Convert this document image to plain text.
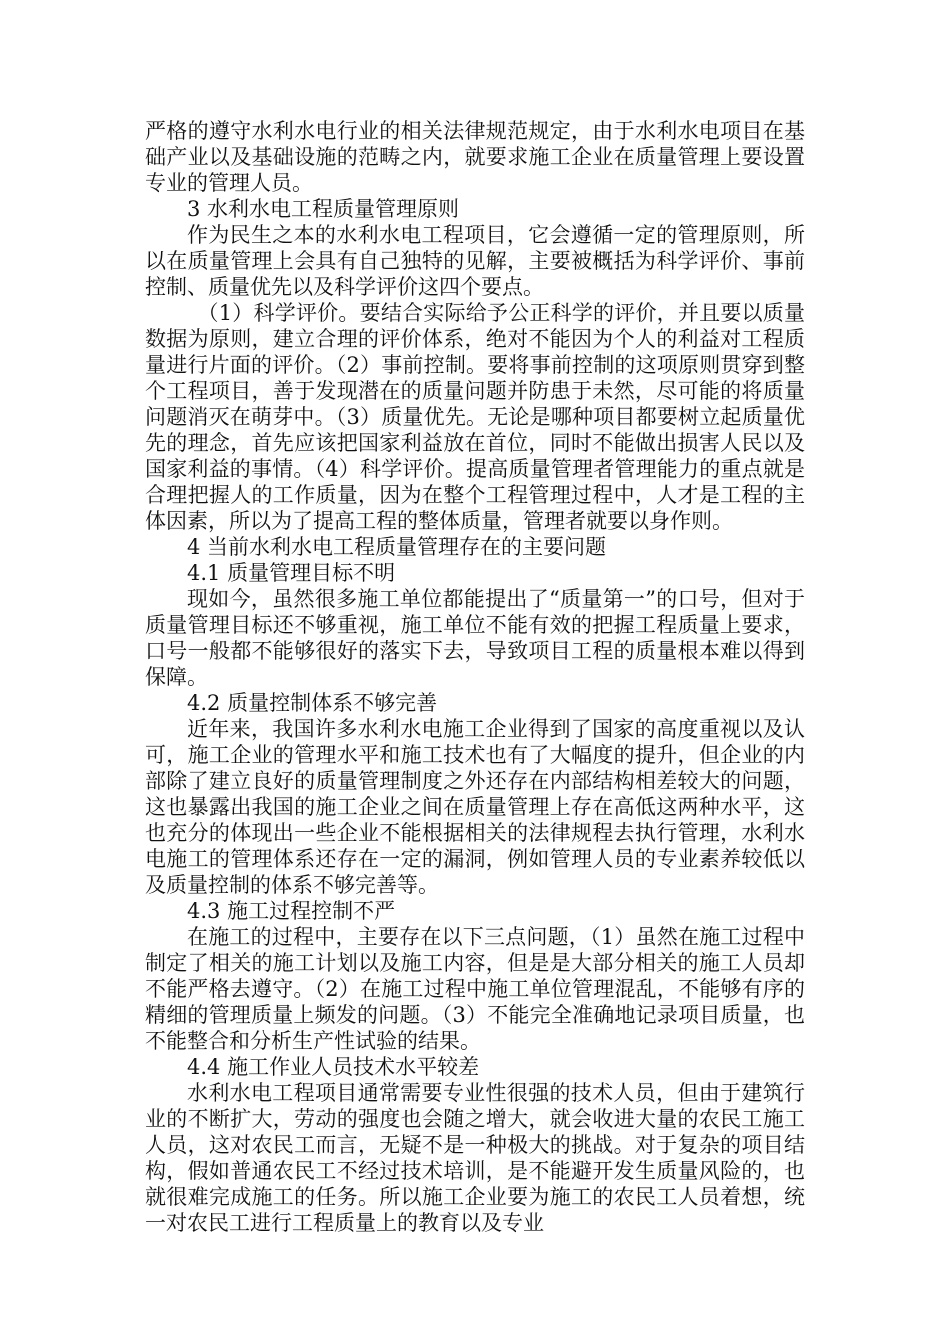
严格的遵守水利水电行业的相关法律规范规定，由于水利水电项目在基础产业以及基础设施的范畴之内，就要求施工企业在质量管理上要设置专业的管理人员。

3 水利水电工程质量管理原则

作为民生之本的水利水电工程项目，它会遵循一定的管理原则，所以在质量管理上会具有自己独特的见解，主要被概括为科学评价、事前控制、质量优先以及科学评价这四个要点。

（1）科学评价。要结合实际给予公正科学的评价，并且要以质量数据为原则，建立合理的评价体系，绝对不能因为个人的利益对工程质量进行片面的评价。（2）事前控制。要将事前控制的这项原则贯穿到整个工程项目，善于发现潜在的质量问题并防患于未然，尽可能的将质量问题消灭在萌芽中。（3）质量优先。无论是哪种项目都要树立起质量优先的理念，首先应该把国家利益放在首位，同时不能做出损害人民以及国家利益的事情。（4）科学评价。提高质量管理者管理能力的重点就是合理把握人的工作质量，因为在整个工程管理过程中，人才是工程的主体因素，所以为了提高工程的整体质量，管理者就要以身作则。

4 当前水利水电工程质量管理存在的主要问题

4.1 质量管理目标不明

现如今，虽然很多施工单位都能提出了“质量第一”的口号，但对于质量管理目标还不够重视，施工单位不能有效的把握工程质量上要求，口号一般都不能够很好的落实下去，导致项目工程的质量根本难以得到保障。

4.2 质量控制体系不够完善

近年来，我国许多水利水电施工企业得到了国家的高度重视以及认可，施工企业的管理水平和施工技术也有了大幅度的提升，但企业的内部除了建立良好的质量管理制度之外还存在内部结构相差较大的问题，这也暴露出我国的施工企业之间在质量管理上存在高低这两种水平，这也充分的体现出一些企业不能根据相关的法律规程去执行管理，水利水电施工的管理体系还存在一定的漏洞，例如管理人员的专业素养较低以及质量控制的体系不够完善等。

4.3 施工过程控制不严

在施工的过程中，主要存在以下三点问题，（1）虽然在施工过程中制定了相关的施工计划以及施工内容，但是是大部分相关的施工人员却不能严格去遵守。（2）在施工过程中施工单位管理混乱，不能够有序的精细的管理质量上频发的问题。（3）不能完全准确地记录项目质量，也不能整合和分析生产性试验的结果。

4.4 施工作业人员技术水平较差

水利水电工程项目通常需要专业性很强的技术人员，但由于建筑行业的不断扩大，劳动的强度也会随之增大，就会收进大量的农民工施工人员，这对农民工而言，无疑不是一种极大的挑战。对于复杂的项目结构，假如普通农民工不经过技术培训，是不能避开发生质量风险的，也就很难完成施工的任务。所以施工企业要为施工的农民工人员着想，统一对农民工进行工程质量上的教育以及专业
